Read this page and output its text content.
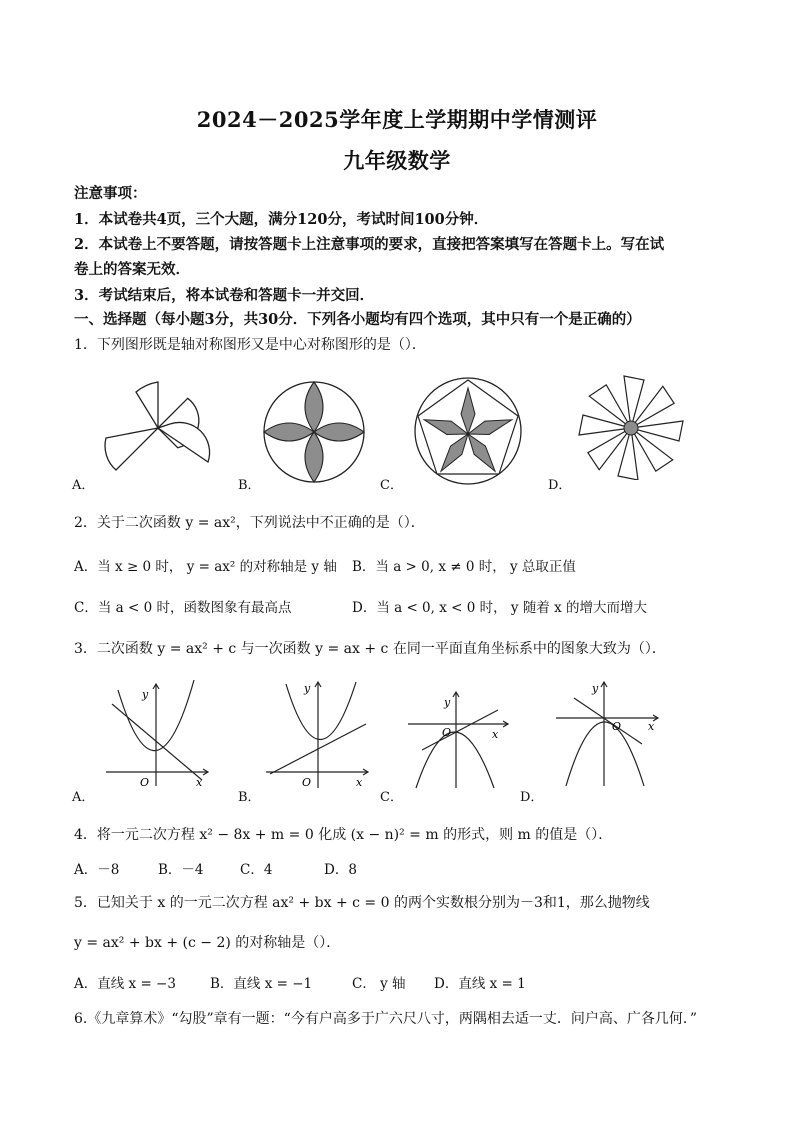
2024－2025学年度上学期期中学情测评
九年级数学
注意事项：
1．本试卷共4页，三个大题，满分120分，考试时间100分钟．
2．本试卷上不要答题，请按答题卡上注意事项的要求，直接把答案填写在答题卡上。写在试
卷上的答案无效．
3．考试结束后，将本试卷和答题卡一并交回．
一、选择题（每小题3分，共30分．下列各小题均有四个选项，其中只有一个是正确的）
1．下列图形既是轴对称图形又是中心对称图形的是（）．
A．	B．	C．	D．
2．关于二次函数 y = ax²，下列说法中不正确的是（）．
A．当 x ≥ 0 时， y = ax² 的对称轴是 y 轴 B．当 a > 0, x ≠ 0 时， y 总取正值
C．当 a < 0 时，函数图象有最高点	D．当 a < 0, x < 0 时， y 随着 x 的增大而增大
3．二次函数 y = ax² + c 与一次函数 y = ax + c 在同一平面直角坐标系中的图象大致为（）．
y
O	x
A．
y
O	x
B．
y
O	x
C．
y
O x
D．
4．将一元二次方程 x² − 8x + m = 0 化成 (x − n)² = m 的形式，则 m 的值是（）．
A．－8	B．－4	C．4	D．8
5．已知关于 x 的一元二次方程 ax² + bx + c = 0 的两个实数根分别为－3和1，那么抛物线
y = ax² + bx + (c − 2) 的对称轴是（）．
A．直线 x = −3	B．直线 x = −1	C． y 轴 D．直线 x = 1
6.《九章算术》“勾股”章有一题：“今有户高多于广六尺八寸，两隅相去适一丈．问户高、广各几何．”
